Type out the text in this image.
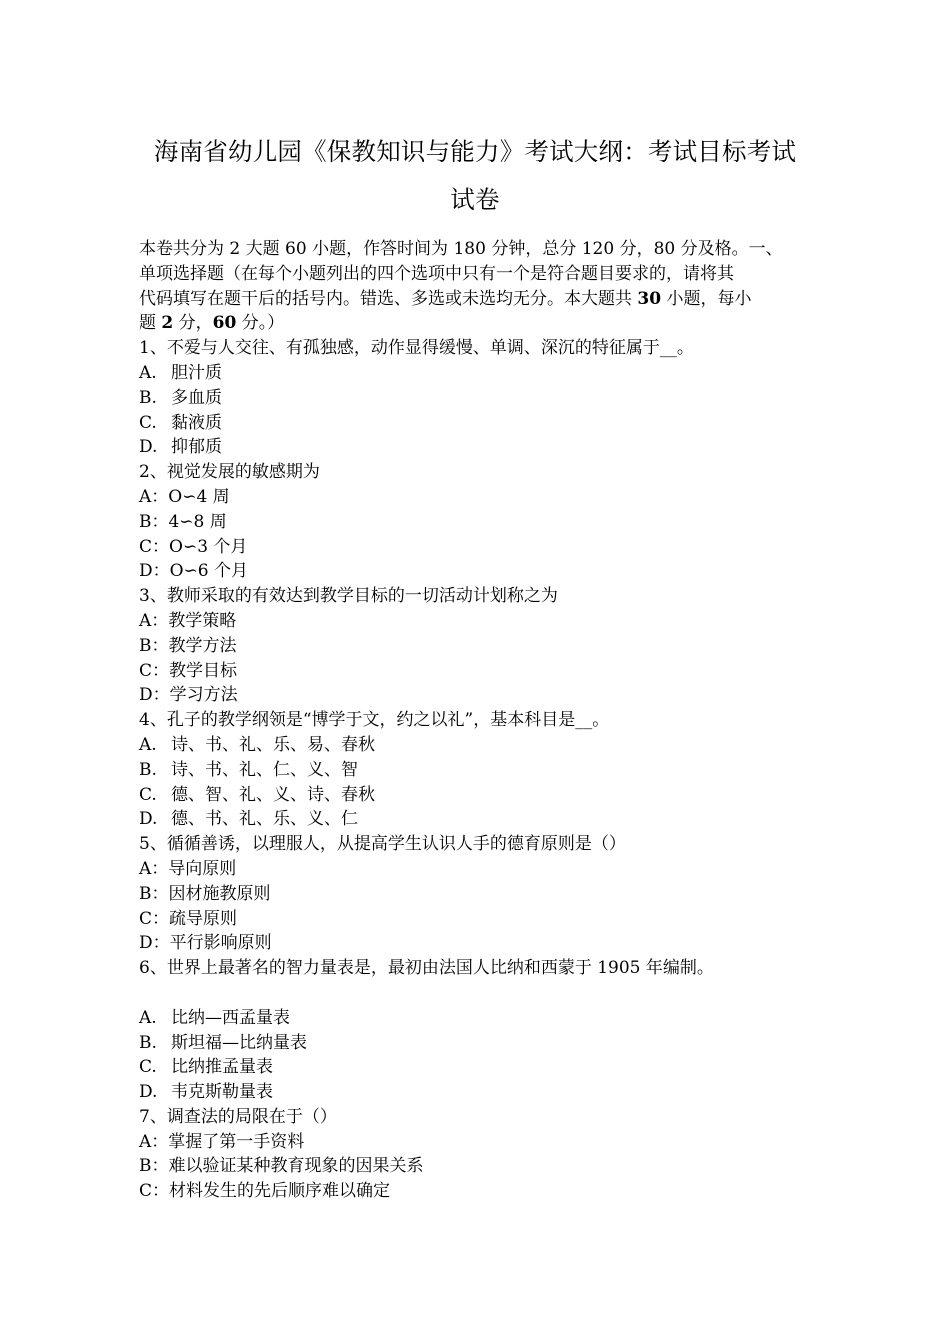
海南省幼儿园《保教知识与能力》考试大纲：考试目标考试
试卷

本卷共分为 2 大题 60 小题，作答时间为 180 分钟，总分 120 分，80 分及格。一、

单项选择题（在每个小题列出的四个选项中只有一个是符合题目要求的，请将其

代码填写在题干后的括号内。错选、多选或未选均无分。本大题共 30 小题，每小

题 2 分，60 分。）

1、不爱与人交往、有孤独感，动作显得缓慢、单调、深沉的特征属于__。

A. 胆汁质

B. 多血质

C. 黏液质

D. 抑郁质

2、视觉发展的敏感期为

A：O∽4 周

B：4∽8 周

C：O∽3 个月

D：O∽6 个月

3、教师采取的有效达到教学目标的一切活动计划称之为

A：教学策略

B：教学方法

C：教学目标

D：学习方法

4、孔子的教学纲领是“博学于文，约之以礼”，基本科目是__。

A. 诗、书、礼、乐、易、春秋

B. 诗、书、礼、仁、义、智

C. 德、智、礼、义、诗、春秋

D. 德、书、礼、乐、义、仁

5、循循善诱，以理服人，从提高学生认识人手的德育原则是（）

A：导向原则

B：因材施教原则

C：疏导原则

D：平行影响原则

6、世界上最著名的智力量表是，最初由法国人比纳和西蒙于 1905 年编制。

A. 比纳—西孟量表

B. 斯坦福—比纳量表

C. 比纳推孟量表

D. 韦克斯勒量表

7、调查法的局限在于（）

A：掌握了第一手资料

B：难以验证某种教育现象的因果关系

C：材料发生的先后顺序难以确定
